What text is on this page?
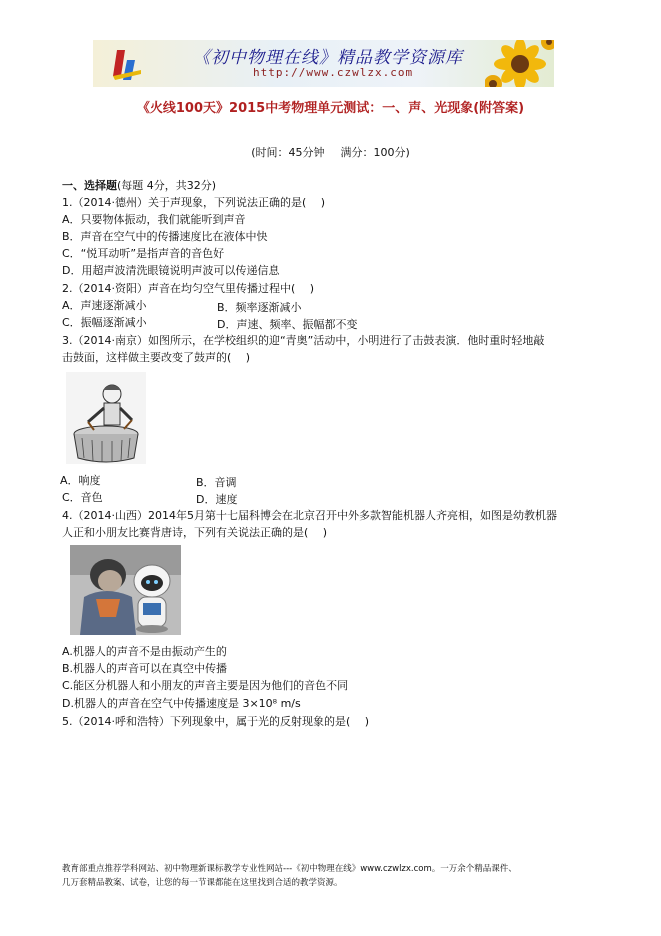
《初中物理在线》精品教学资源库
http://www.czwlzx.com
《火线100天》2015中考物理单元测试：一、声、光现象(附答案)
(时间：45分钟 满分：100分)
一、选择题(每题 4分，共32分)
1.（2014·德州）关于声现象，下列说法正确的是(　 )
A．只要物体振动，我们就能听到声音
B．声音在空气中的传播速度比在液体中快
C．“悦耳动听”是指声音的音色好
D．用超声波清洗眼镜说明声波可以传递信息
2.（2014·资阳）声音在均匀空气里传播过程中(　 )
A．声速逐渐减小	B．频率逐渐减小
C．振幅逐渐减小	D．声速、频率、振幅都不变
3.（2014·南京）如图所示，在学校组织的迎“青奥”活动中，小明进行了击鼓表演．他时重时轻地敲
击鼓面，这样做主要改变了鼓声的(　 )
A．响度	B．音调
C．音色	D．速度
4.（2014·山西）2014年5月第十七届科博会在北京召开中外多款智能机器人齐亮相，如图是幼教机器
人正和小朋友比赛背唐诗，下列有关说法正确的是(　 )
A.机器人的声音不是由振动产生的
B.机器人的声音可以在真空中传播
C.能区分机器人和小朋友的声音主要是因为他们的音色不同
D.机器人的声音在空气中传播速度是 3×10⁸ m/s
5.（2014·呼和浩特）下列现象中，属于光的反射现象的是(　 )
教育部重点推荐学科网站、初中物理新课标教学专业性网站---《初中物理在线》www.czwlzx.com。一万余个精品课件、
几万套精品教案、试卷，让您的每一节课都能在这里找到合适的教学资源。
